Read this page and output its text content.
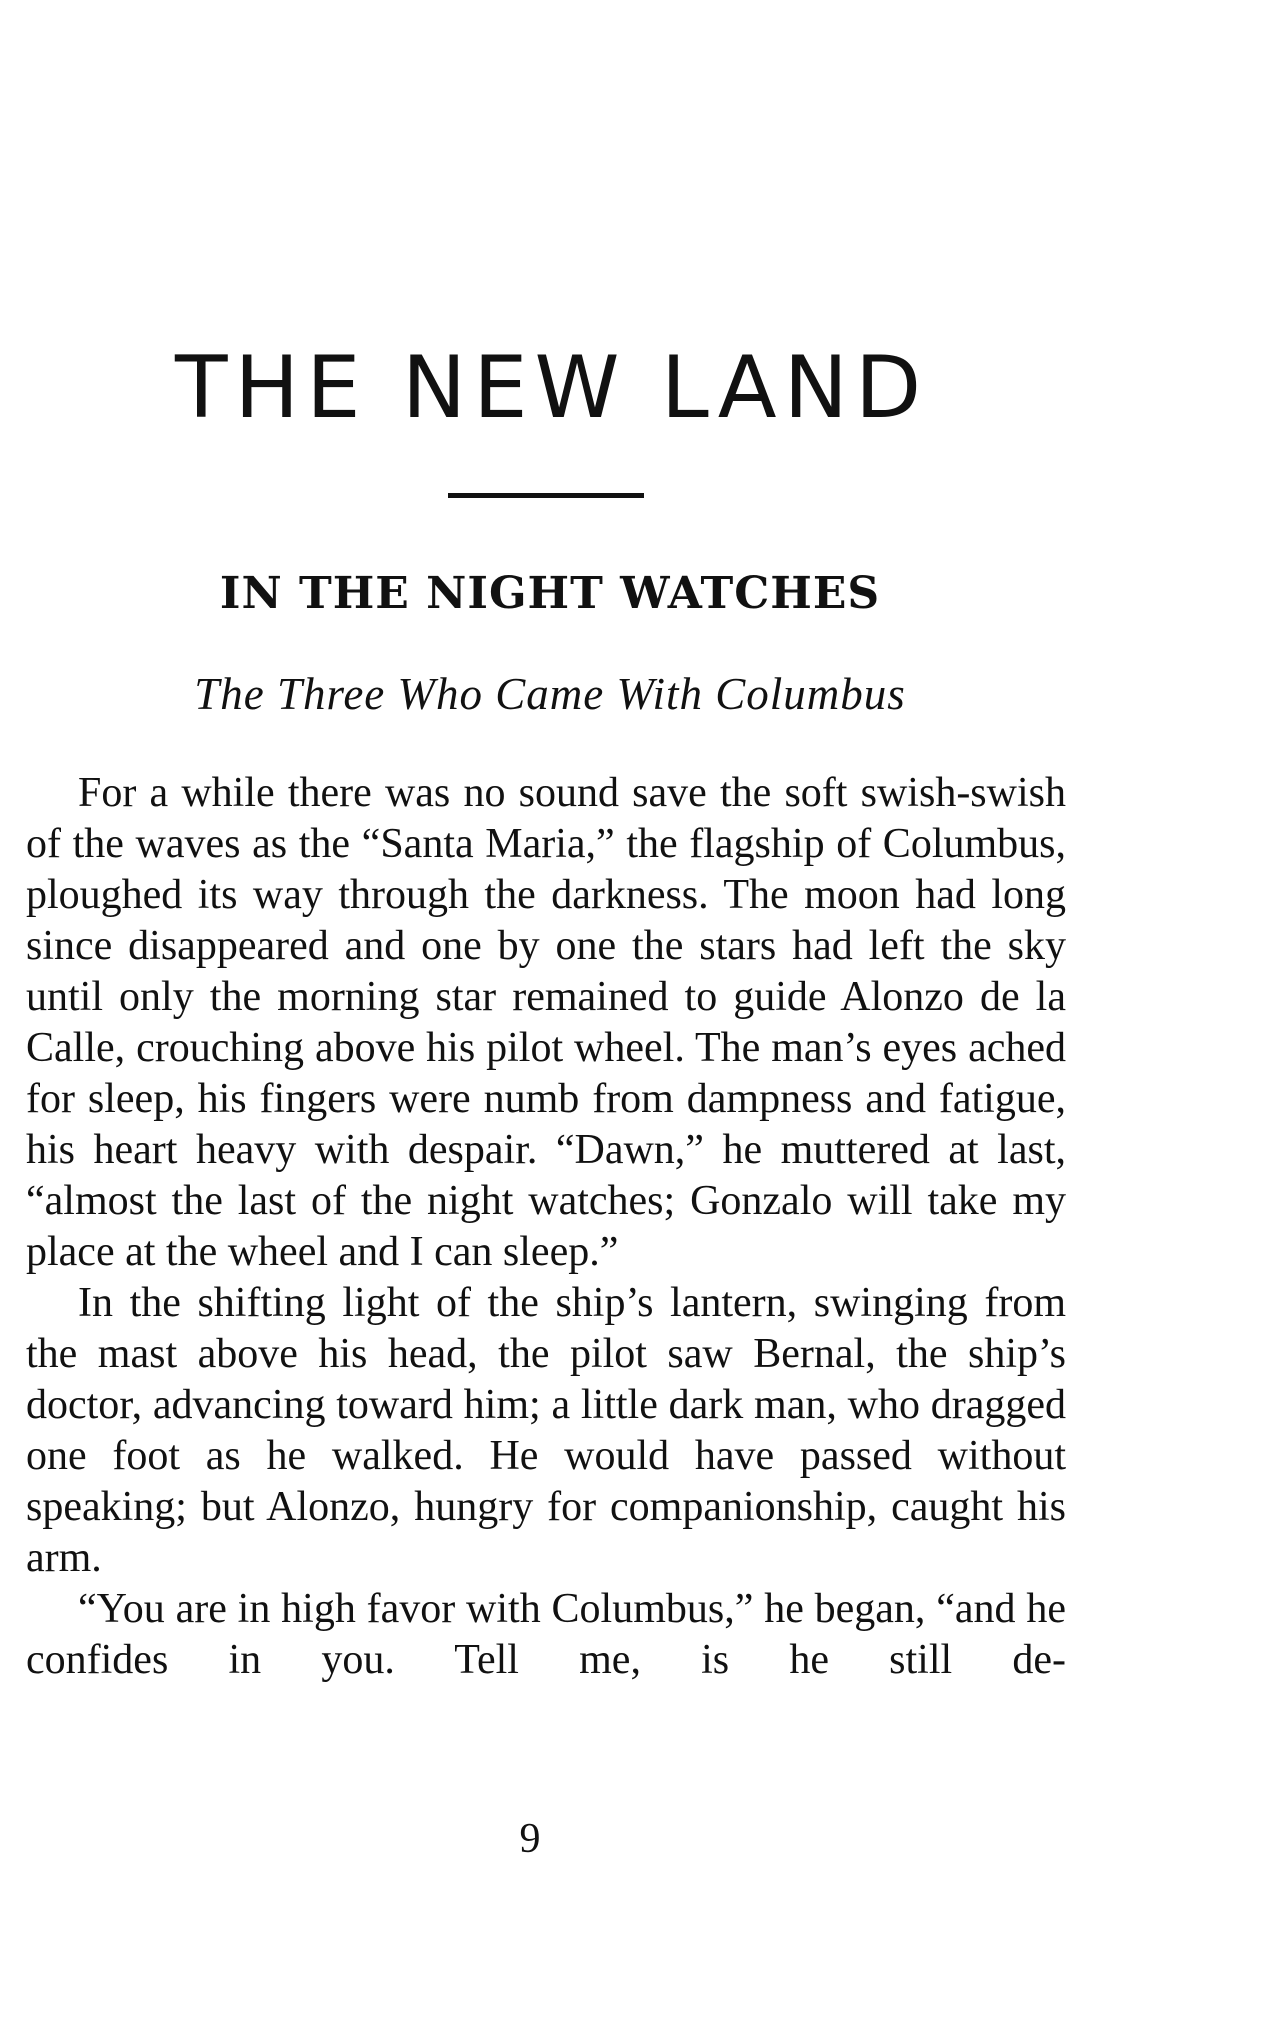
THE NEW LAND
IN THE NIGHT WATCHES
The Three Who Came With Columbus

For a while there was no sound save the soft swish-swish of the waves as the “Santa Maria,” the flagship of Columbus, ploughed its way through the darkness. The moon had long since disappeared and one by one the stars had left the sky until only the morning star remained to guide Alonzo de la Calle, crouching above his pilot wheel. The man’s eyes ached for sleep, his fingers were numb from dampness and fatigue, his heart heavy with despair. “Dawn,” he muttered at last, “almost the last of the night watches; Gonzalo will take my place at the wheel and I can sleep.”

In the shifting light of the ship’s lantern, swinging from the mast above his head, the pilot saw Bernal, the ship’s doctor, advancing toward him; a little dark man, who dragged one foot as he walked. He would have passed without speaking; but Alonzo, hungry for companionship, caught his arm.

“You are in high favor with Columbus,” he began, “and he confides in you. Tell me, is he still de-

9
